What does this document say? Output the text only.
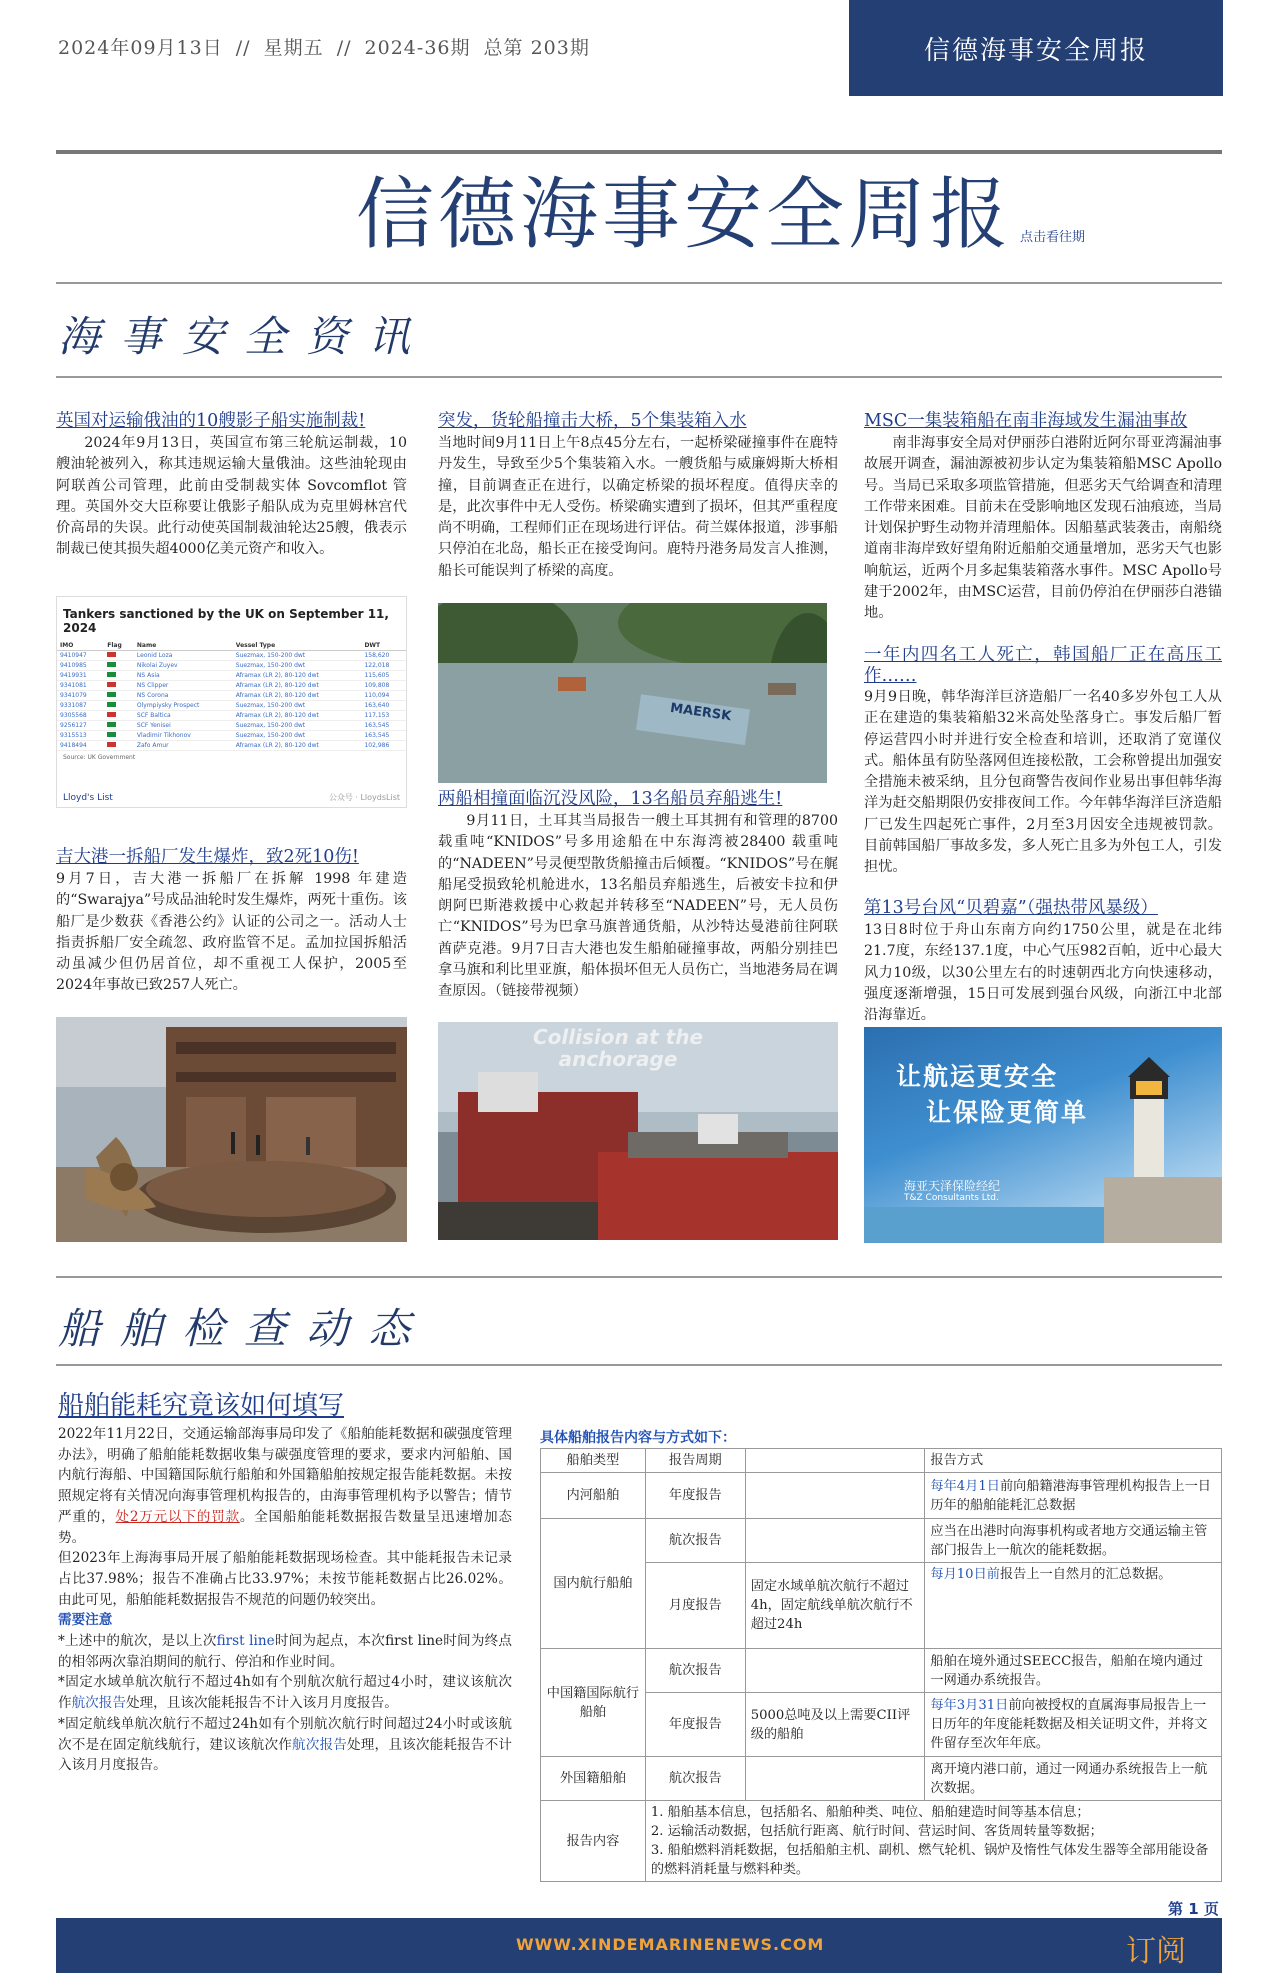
2024年09月13日 // 星期五 // 2024-36期 总第 203期	信德海事安全周报
信德海事安全周报 点击看往期
海事安全资讯

英国对运输俄油的10艘影子船实施制裁!

2024年9月13日，英国宣布第三轮航运制裁，10 艘油轮被列入，称其违规运输大量俄油。这些油轮现由阿联酋公司管理，此前由受制裁实体 Sovcomflot 管理。英国外交大臣称要让俄影子船队成为克里姆林宫代价高昂的失误。此行动使英国制裁油轮达25艘，俄表示制裁已使其损失超4000亿美元资产和收入。

Tankers sanctioned by the UK on September 11, 2024
IMO	Flag	Name	Vessel Type	DWT
9410947		Leonid Loza	Suezmax, 150-200 dwt	158,620
9410985		Nikolai Zuyev	Suezmax, 150-200 dwt	122,018
9419931		NS Asia	Aframax (LR 2), 80-120 dwt	115,605
9341081		NS Clipper	Aframax (LR 2), 80-120 dwt	109,808
9341079		NS Corona	Aframax (LR 2), 80-120 dwt	110,094
9331087		Olympiysky Prospect	Suezmax, 150-200 dwt	163,640
9305568		SCF Baltica	Aframax (LR 2), 80-120 dwt	117,153
9256127		SCF Yenisei	Suezmax, 150-200 dwt	163,545
9315513		Vladimir Tikhonov	Suezmax, 150-200 dwt	163,545
9418494		Zafo Amur	Aframax (LR 2), 80-120 dwt	102,986
Source: UK Government
Lloyd's List	公众号 · LloydsList

吉大港一拆船厂发生爆炸，致2死10伤!

9月7日，吉大港一拆船厂在拆解 1998 年建造的“Swarajya”号成品油轮时发生爆炸，两死十重伤。该船厂是少数获《香港公约》认证的公司之一。活动人士指责拆船厂安全疏忽、政府监管不足。孟加拉国拆船活动虽减少但仍居首位，却不重视工人保护，2005至2024年事故已致257人死亡。

突发，货轮船撞击大桥，5个集装箱入水

当地时间9月11日上午8点45分左右，一起桥梁碰撞事件在鹿特丹发生，导致至少5个集装箱入水。一艘货船与威廉姆斯大桥相撞，目前调查正在进行，以确定桥梁的损坏程度。值得庆幸的是，此次事件中无人受伤。桥梁确实遭到了损坏，但其严重程度尚不明确，工程师们正在现场进行评估。荷兰媒体报道，涉事船只停泊在北岛，船长正在接受询问。鹿特丹港务局发言人推测，船长可能误判了桥梁的高度。

MAERSK

两船相撞面临沉没风险，13名船员弃船逃生!

9月11日，土耳其当局报告一艘土耳其拥有和管理的8700载重吨“KNIDOS”号多用途船在中东海湾被28400 载重吨的“NADEEN”号灵便型散货船撞击后倾覆。“KNIDOS”号在艉船尾受损致轮机舱进水，13名船员弃船逃生，后被安卡拉和伊朗阿巴斯港救援中心救起并转移至“NADEEN”号，无人员伤亡“KNIDOS”号为巴拿马旗普通货船，从沙特达曼港前往阿联酋萨克港。9月7日吉大港也发生船舶碰撞事故，两船分别挂巴拿马旗和利比里亚旗，船体损坏但无人员伤亡，当地港务局在调查原因。（链接带视频）

Collision at the anchorage

MSC一集装箱船在南非海域发生漏油事故

南非海事安全局对伊丽莎白港附近阿尔哥亚湾漏油事故展开调查，漏油源被初步认定为集装箱船MSC Apollo号。当局已采取多项监管措施，但恶劣天气给调查和清理工作带来困难。目前未在受影响地区发现石油痕迹，当局计划保护野生动物并清理船体。因船墓武装袭击，南船绕道南非海岸致好望角附近船舶交通量增加，恶劣天气也影响航运，近两个月多起集装箱落水事件。MSC Apollo号建于2002年，由MSC运营，目前仍停泊在伊丽莎白港锚地。

一年内四名工人死亡，韩国船厂正在高压工作……

9月9日晚，韩华海洋巨济造船厂一名40多岁外包工人从正在建造的集装箱船32米高处坠落身亡。事发后船厂暂停运营四小时并进行安全检查和培训，还取消了宽谨仪式。船体虽有防坠落网但连接松散，工会称曾提出加强安全措施未被采纳，且分包商警告夜间作业易出事但韩华海洋为赶交船期限仍安排夜间工作。今年韩华海洋巨济造船厂已发生四起死亡事件，2月至3月因安全违规被罚款。目前韩国船厂事故多发，多人死亡且多为外包工人，引发担忧。

第13号台风“贝碧嘉”（强热带风暴级）

13日8时位于舟山东南方向约1750公里，就是在北纬21.7度，东经137.1度，中心气压982百帕，近中心最大风力10级，以30公里左右的时速朝西北方向快速移动，强度逐渐增强，15日可发展到强台风级，向浙江中北部沿海靠近。

让航运更安全
让保险更简单
海亚天泽保险经纪
T&Z Consultants Ltd.
船舶检查动态

船舶能耗究竟该如何填写

2022年11月22日，交通运输部海事局印发了《船舶能耗数据和碳强度管理办法》，明确了船舶能耗数据收集与碳强度管理的要求，要求内河船舶、国内航行海船、中国籍国际航行船舶和外国籍船舶按规定报告能耗数据。未按照规定将有关情况向海事管理机构报告的，由海事管理机构予以警告；情节严重的，处2万元以下的罚款。全国船舶能耗数据报告数量呈迅速增加态势。

但2023年上海海事局开展了船舶能耗数据现场检查。其中能耗报告未记录占比37.98%；报告不准确占比33.97%；未按节能耗数据占比26.02%。由此可见，船舶能耗数据报告不规范的问题仍较突出。

需要注意

*上述中的航次，是以上次first line时间为起点，本次first line时间为终点的相邻两次靠泊期间的航行、停泊和作业时间。

*固定水域单航次航行不超过4h如有个别航次航行超过4小时，建议该航次作航次报告处理，且该次能耗报告不计入该月月度报告。

*固定航线单航次航行不超过24h如有个别航次航行时间超过24小时或该航次不是在固定航线航行，建议该航次作航次报告处理，且该次能耗报告不计入该月月度报告。

具体船舶报告内容与方式如下：
船舶类型	报告周期		报告方式
内河船舶	年度报告		每年4月1日前向船籍港海事管理机构报告上一日历年的船舶能耗汇总数据
国内航行船舶	航次报告		应当在出港时向海事机构或者地方交通运输主管部门报告上一航次的能耗数据。
	月度报告	固定水域单航次航行不超过4h，固定航线单航次航行不超过24h	每月10日前报告上一自然月的汇总数据。
中国籍国际航行船舶	航次报告		船舶在境外通过SEECC报告，船舶在境内通过一网通办系统报告。
	年度报告	5000总吨及以上需要CII评级的船舶	每年3月31日前向被授权的直属海事局报告上一日历年的年度能耗数据及相关证明文件，并将文件留存至次年年底。
外国籍船舶	航次报告		离开境内港口前，通过一网通办系统报告上一航次数据。
报告内容	1. 船舶基本信息，包括船名、船舶种类、吨位、船舶建造时间等基本信息；
2. 运输活动数据，包括航行距离、航行时间、营运时间、客货周转量等数据；
3. 船舶燃料消耗数据，包括船舶主机、副机、燃气轮机、锅炉及惰性气体发生器等全部用能设备的燃料消耗量与燃料种类。		
第 1 页
WWW.XINDEMARINENEWS.COM	订阅
